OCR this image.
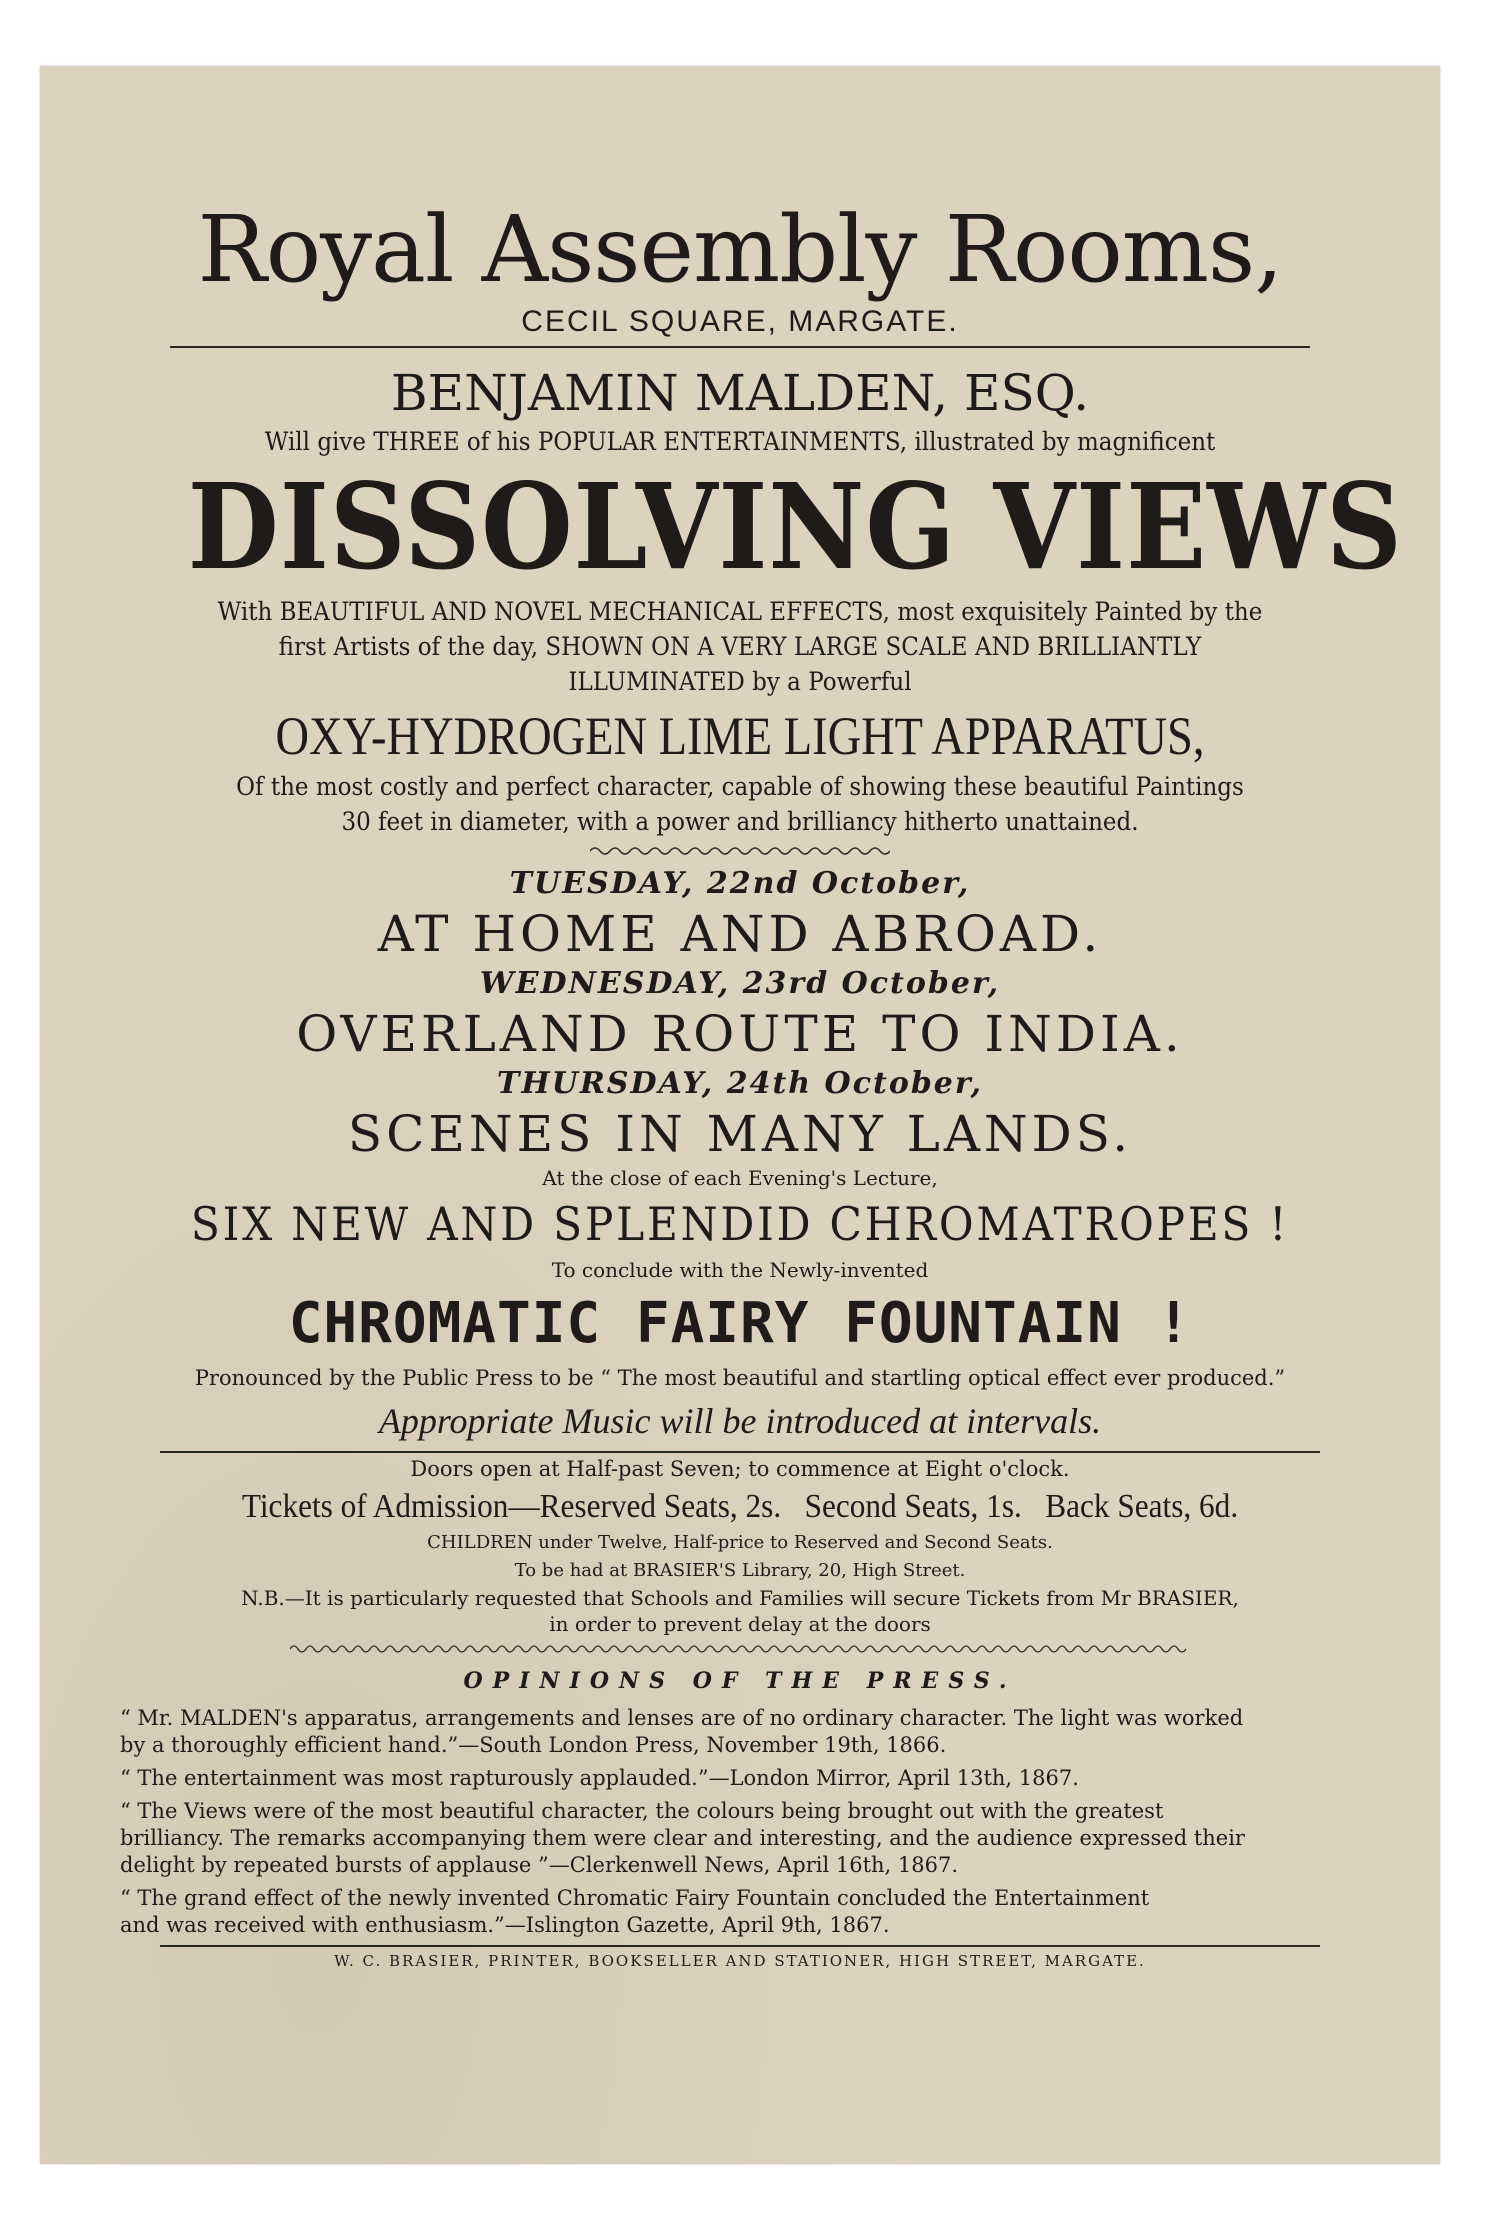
Royal Assembly Rooms,

CECIL SQUARE, MARGATE.

BENJAMIN MALDEN, ESQ.

Will give THREE of his POPULAR ENTERTAINMENTS, illustrated by magnificent

DISSOLVING VIEWS

With BEAUTIFUL AND NOVEL MECHANICAL EFFECTS, most exquisitely Painted by the

first Artists of the day, SHOWN ON A VERY LARGE SCALE AND BRILLIANTLY

ILLUMINATED by a Powerful

OXY-HYDROGEN LIME LIGHT APPARATUS,

Of the most costly and perfect character, capable of showing these beautiful Paintings

30 feet in diameter, with a power and brilliancy hitherto unattained.

TUESDAY, 22nd October,

AT HOME AND ABROAD.

WEDNESDAY, 23rd October,

OVERLAND ROUTE TO INDIA.

THURSDAY, 24th October,

SCENES IN MANY LANDS.

At the close of each Evening's Lecture,

SIX NEW AND SPLENDID CHROMATROPES !

To conclude with the Newly-invented

CHROMATIC FAIRY FOUNTAIN !

Pronounced by the Public Press to be “ The most beautiful and startling optical effect ever produced.”

Appropriate Music will be introduced at intervals.

Doors open at Half-past Seven; to commence at Eight o'clock.

Tickets of Admission—Reserved Seats, 2s.   Second Seats, 1s.   Back Seats, 6d.

CHILDREN under Twelve, Half-price to Reserved and Second Seats.

To be had at BRASIER'S Library, 20, High Street.

N.B.—It is particularly requested that Schools and Families will secure Tickets from Mr BRASIER,

in order to prevent delay at the doors

OPINIONS OF THE PRESS.

“ Mr. MALDEN's apparatus, arrangements and lenses are of no ordinary character. The light was worked
by a thoroughly efficient hand.”—South London Press, November 19th, 1866.
“ The entertainment was most rapturously applauded.”—London Mirror, April 13th, 1867.
“ The Views were of the most beautiful character, the colours being brought out with the greatest
brilliancy. The remarks accompanying them were clear and interesting, and the audience expressed their
delight by repeated bursts of applause ”—Clerkenwell News, April 16th, 1867.
“ The grand effect of the newly invented Chromatic Fairy Fountain concluded the Entertainment
and was received with enthusiasm.”—Islington Gazette, April 9th, 1867.

W. C. BRASIER, PRINTER, BOOKSELLER AND STATIONER, HIGH STREET, MARGATE.
